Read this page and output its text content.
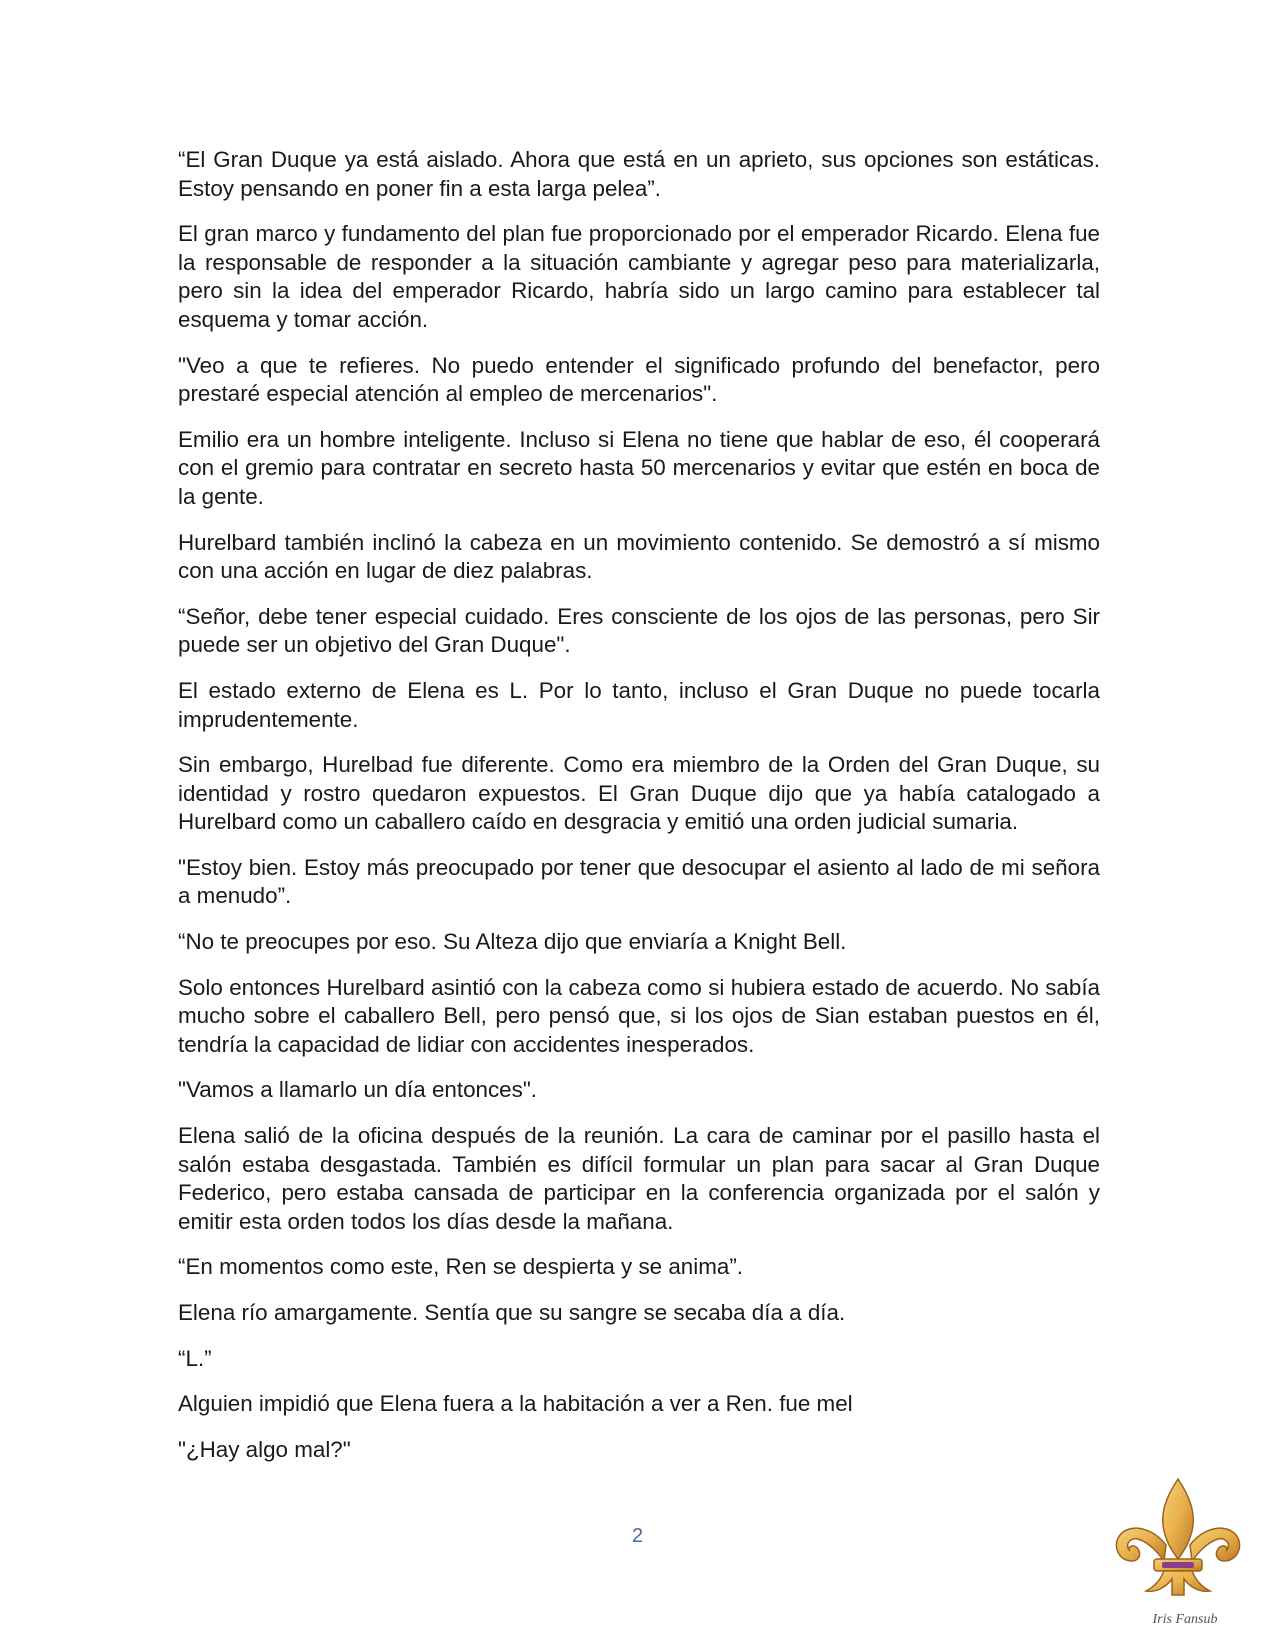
“El Gran Duque ya está aislado. Ahora que está en un aprieto, sus opciones son estáticas. Estoy pensando en poner fin a esta larga pelea”.

El gran marco y fundamento del plan fue proporcionado por el emperador Ricardo. Elena fue la responsable de responder a la situación cambiante y agregar peso para materializarla, pero sin la idea del emperador Ricardo, habría sido un largo camino para establecer tal esquema y tomar acción.

"Veo a que te refieres. No puedo entender el significado profundo del benefactor, pero prestaré especial atención al empleo de mercenarios".

Emilio era un hombre inteligente. Incluso si Elena no tiene que hablar de eso, él cooperará con el gremio para contratar en secreto hasta 50 mercenarios y evitar que estén en boca de la gente.

Hurelbard también inclinó la cabeza en un movimiento contenido. Se demostró a sí mismo con una acción en lugar de diez palabras.

“Señor, debe tener especial cuidado. Eres consciente de los ojos de las personas, pero Sir puede ser un objetivo del Gran Duque".

El estado externo de Elena es L. Por lo tanto, incluso el Gran Duque no puede tocarla imprudentemente.

Sin embargo, Hurelbad fue diferente. Como era miembro de la Orden del Gran Duque, su identidad y rostro quedaron expuestos. El Gran Duque dijo que ya había catalogado a Hurelbard como un caballero caído en desgracia y emitió una orden judicial sumaria.

"Estoy bien. Estoy más preocupado por tener que desocupar el asiento al lado de mi señora a menudo”.

“No te preocupes por eso. Su Alteza dijo que enviaría a Knight Bell.

Solo entonces Hurelbard asintió con la cabeza como si hubiera estado de acuerdo. No sabía mucho sobre el caballero Bell, pero pensó que, si los ojos de Sian estaban puestos en él, tendría la capacidad de lidiar con accidentes inesperados.

"Vamos a llamarlo un día entonces".

Elena salió de la oficina después de la reunión. La cara de caminar por el pasillo hasta el salón estaba desgastada. También es difícil formular un plan para sacar al Gran Duque Federico, pero estaba cansada de participar en la conferencia organizada por el salón y emitir esta orden todos los días desde la mañana.

“En momentos como este, Ren se despierta y se anima”.

Elena río amargamente. Sentía que su sangre se secaba día a día.

“L.”

Alguien impidió que Elena fuera a la habitación a ver a Ren. fue mel

"¿Hay algo mal?"

2
Iris Fansub
